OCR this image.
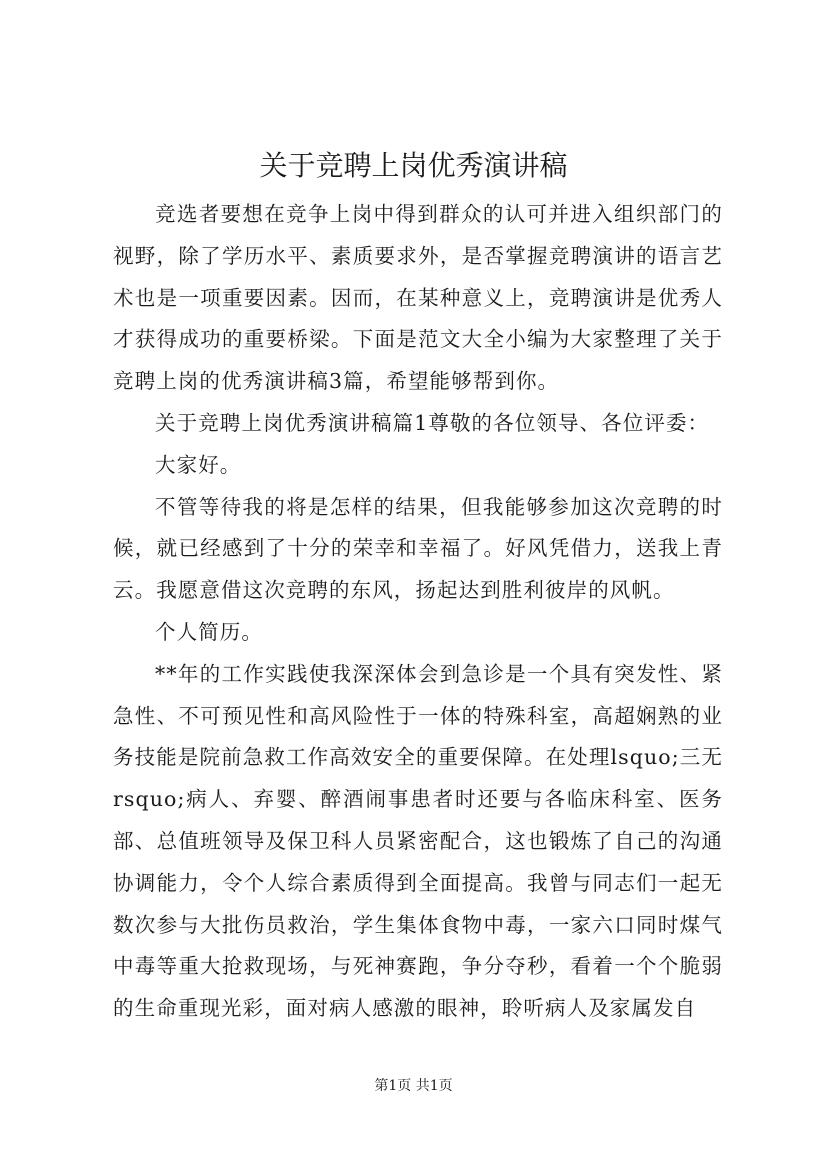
关于竞聘上岗优秀演讲稿

竞选者要想在竞争上岗中得到群众的认可并进入组织部门的视野，除了学历水平、素质要求外，是否掌握竞聘演讲的语言艺术也是一项重要因素。因而，在某种意义上，竞聘演讲是优秀人才获得成功的重要桥梁。下面是范文大全小编为大家整理了关于竞聘上岗的优秀演讲稿3篇，希望能够帮到你。

关于竞聘上岗优秀演讲稿篇1尊敬的各位领导、各位评委：

大家好。

不管等待我的将是怎样的结果，但我能够参加这次竞聘的时候，就已经感到了十分的荣幸和幸福了。好风凭借力，送我上青云。我愿意借这次竞聘的东风，扬起达到胜利彼岸的风帆。

个人简历。

**年的工作实践使我深深体会到急诊是一个具有突发性、紧急性、不可预见性和高风险性于一体的特殊科室，高超娴熟的业务技能是院前急救工作高效安全的重要保障。在处理lsquo;三无rsquo;病人、弃婴、醉酒闹事患者时还要与各临床科室、医务部、总值班领导及保卫科人员紧密配合，这也锻炼了自己的沟通协调能力，令个人综合素质得到全面提高。我曾与同志们一起无数次参与大批伤员救治，学生集体食物中毒，一家六口同时煤气中毒等重大抢救现场，与死神赛跑，争分夺秒，看着一个个脆弱的生命重现光彩，面对病人感激的眼神，聆听病人及家属发自

第1页 共1页
